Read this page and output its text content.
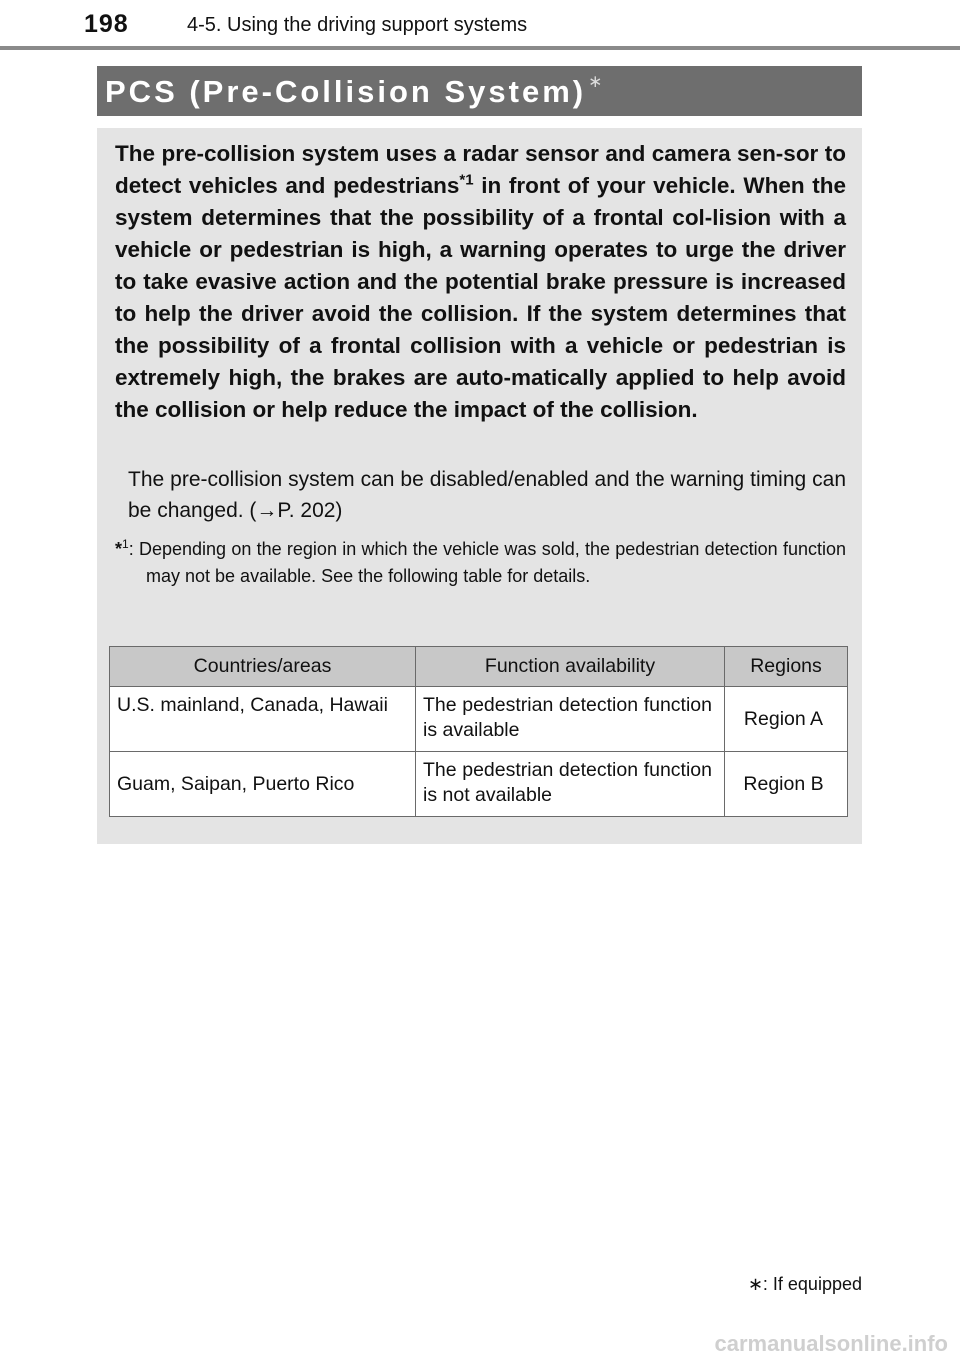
198	4-5. Using the driving support systems
PCS (Pre-Collision System) ∗

The pre-collision system uses a radar sensor and camera sen-sor to detect vehicles and pedestrians$^{*1}$ in front of your vehicle. When the system determines that the possibility of a frontal col-lision with a vehicle or pedestrian is high, a warning operates to urge the driver to take evasive action and the potential brake pressure is increased to help the driver avoid the collision. If the system determines that the possibility of a frontal collision with a vehicle or pedestrian is extremely high, the brakes are auto-matically applied to help avoid the collision or help reduce the impact of the collision.

The pre-collision system can be disabled/enabled and the warning timing can be changed. (→P. 202)

*$^1$: Depending on the region in which the vehicle was sold, the pedestrian detection function may not be available. See the following table for details.

Countries/areas	Function availability	Regions
U.S. mainland, Canada, Hawaii	The pedestrian detection function is available	Region A
Guam, Saipan, Puerto Rico	The pedestrian detection function is not available	Region B
∗: If equipped
carmanualsonline.info
